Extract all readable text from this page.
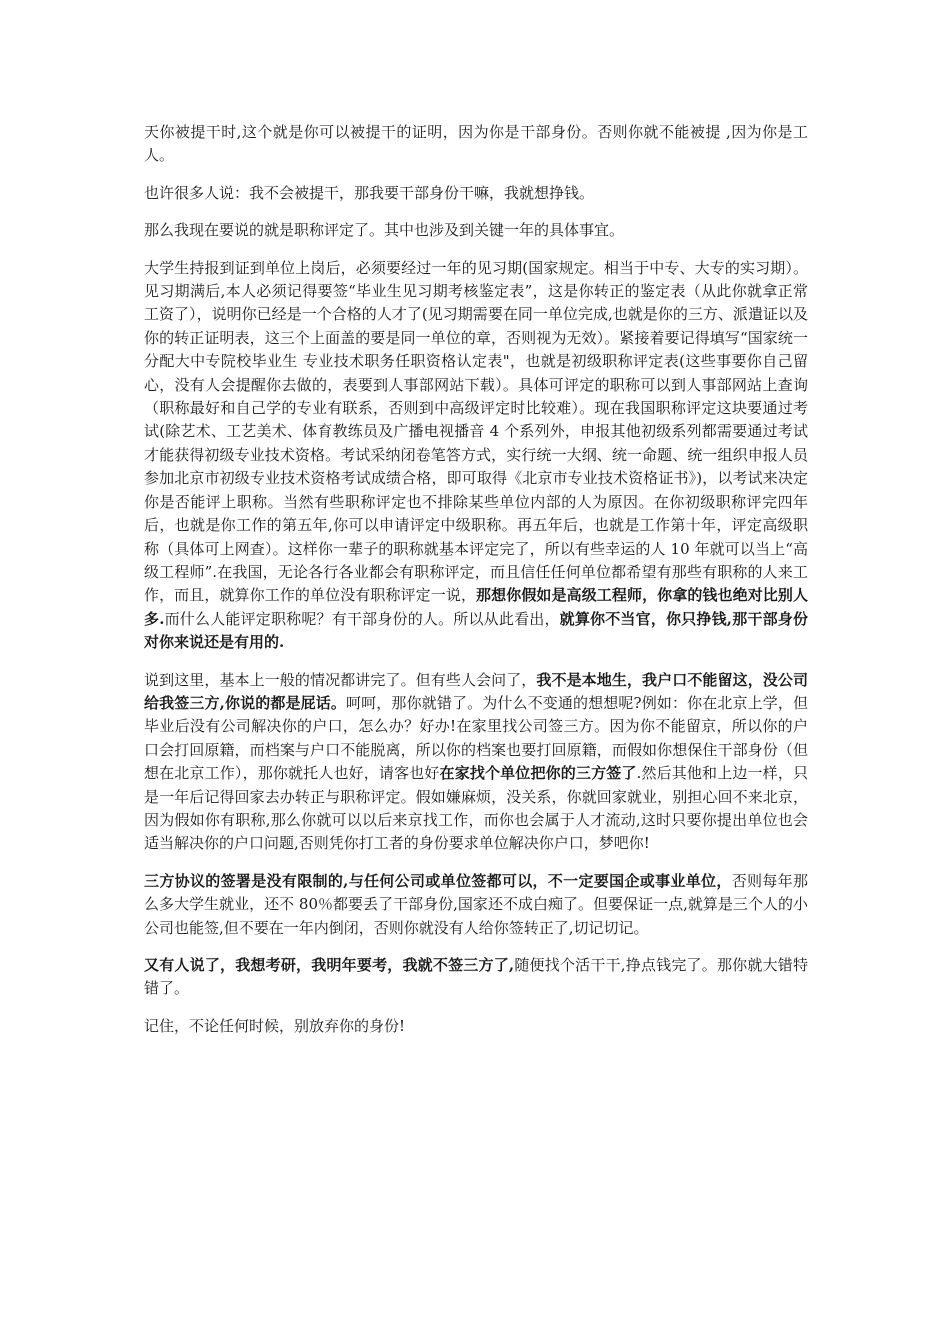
天你被提干时,这个就是你可以被提干的证明，因为你是干部身份。否则你就不能被提 ,因为你是工人。

也许很多人说：我不会被提干，那我要干部身份干嘛，我就想挣钱。

那么我现在要说的就是职称评定了。其中也涉及到关键一年的具体事宜。

大学生持报到证到单位上岗后，必须要经过一年的见习期(国家规定。相当于中专、大专的实习期）。见习期满后,本人必须记得要签“毕业生见习期考核鉴定表”，这是你转正的鉴定表（从此你就拿正常工资了），说明你已经是一个合格的人才了(见习期需要在同一单位完成,也就是你的三方、派遣证以及你的转正证明表，这三个上面盖的要是同一单位的章，否则视为无效）。紧接着要记得填写“国家统一分配大中专院校毕业生 专业技术职务任职资格认定表"，也就是初级职称评定表(这些事要你自己留心，没有人会提醒你去做的，表要到人事部网站下载）。具体可评定的职称可以到人事部网站上查询（职称最好和自己学的专业有联系，否则到中高级评定时比较难）。现在我国职称评定这块要通过考试(除艺术、工艺美术、体育教练员及广播电视播音 4 个系列外，申报其他初级系列都需要通过考试才能获得初级专业技术资格。考试采纳闭卷笔答方式，实行统一大纲、统一命题、统一组织申报人员参加北京市初级专业技术资格考试成绩合格，即可取得《北京市专业技术资格证书》)，以考试来决定你是否能评上职称。当然有些职称评定也不排除某些单位内部的人为原因。在你初级职称评完四年后，也就是你工作的第五年,你可以申请评定中级职称。再五年后，也就是工作第十年，评定高级职称（具体可上网查）。这样你一辈子的职称就基本评定完了，所以有些幸运的人 10 年就可以当上“高级工程师”.在我国，无论各行各业都会有职称评定，而且信任任何单位都希望有那些有职称的人来工作，而且，就算你工作的单位没有职称评定一说，那想你假如是高级工程师，你拿的钱也绝对比别人多.而什么人能评定职称呢？有干部身份的人。所以从此看出，就算你不当官，你只挣钱,那干部身份对你来说还是有用的.

说到这里，基本上一般的情况都讲完了。但有些人会问了，我不是本地生，我户口不能留这，没公司给我签三方,你说的都是屁话。呵呵，那你就错了。为什么不变通的想想呢?例如：你在北京上学，但毕业后没有公司解决你的户口，怎么办？好办!在家里找公司签三方。因为你不能留京，所以你的户口会打回原籍，而档案与户口不能脱离，所以你的档案也要打回原籍，而假如你想保住干部身份（但想在北京工作），那你就托人也好，请客也好在家找个单位把你的三方签了.然后其他和上边一样，只是一年后记得回家去办转正与职称评定。假如嫌麻烦，没关系，你就回家就业，别担心回不来北京，因为假如你有职称,那么你就可以以后来京找工作，而你也会属于人才流动,这时只要你提出单位也会适当解决你的户口问题,否则凭你打工者的身份要求单位解决你户口，梦吧你!

三方协议的签署是没有限制的,与任何公司或单位签都可以，不一定要国企或事业单位，否则每年那么多大学生就业，还不 80％都要丢了干部身份,国家还不成白痴了。但要保证一点,就算是三个人的小公司也能签,但不要在一年内倒闭，否则你就没有人给你签转正了,切记切记。

又有人说了，我想考研，我明年要考，我就不签三方了,随便找个活干干,挣点钱完了。那你就大错特错了。

记住，不论任何时候，别放弃你的身份!
